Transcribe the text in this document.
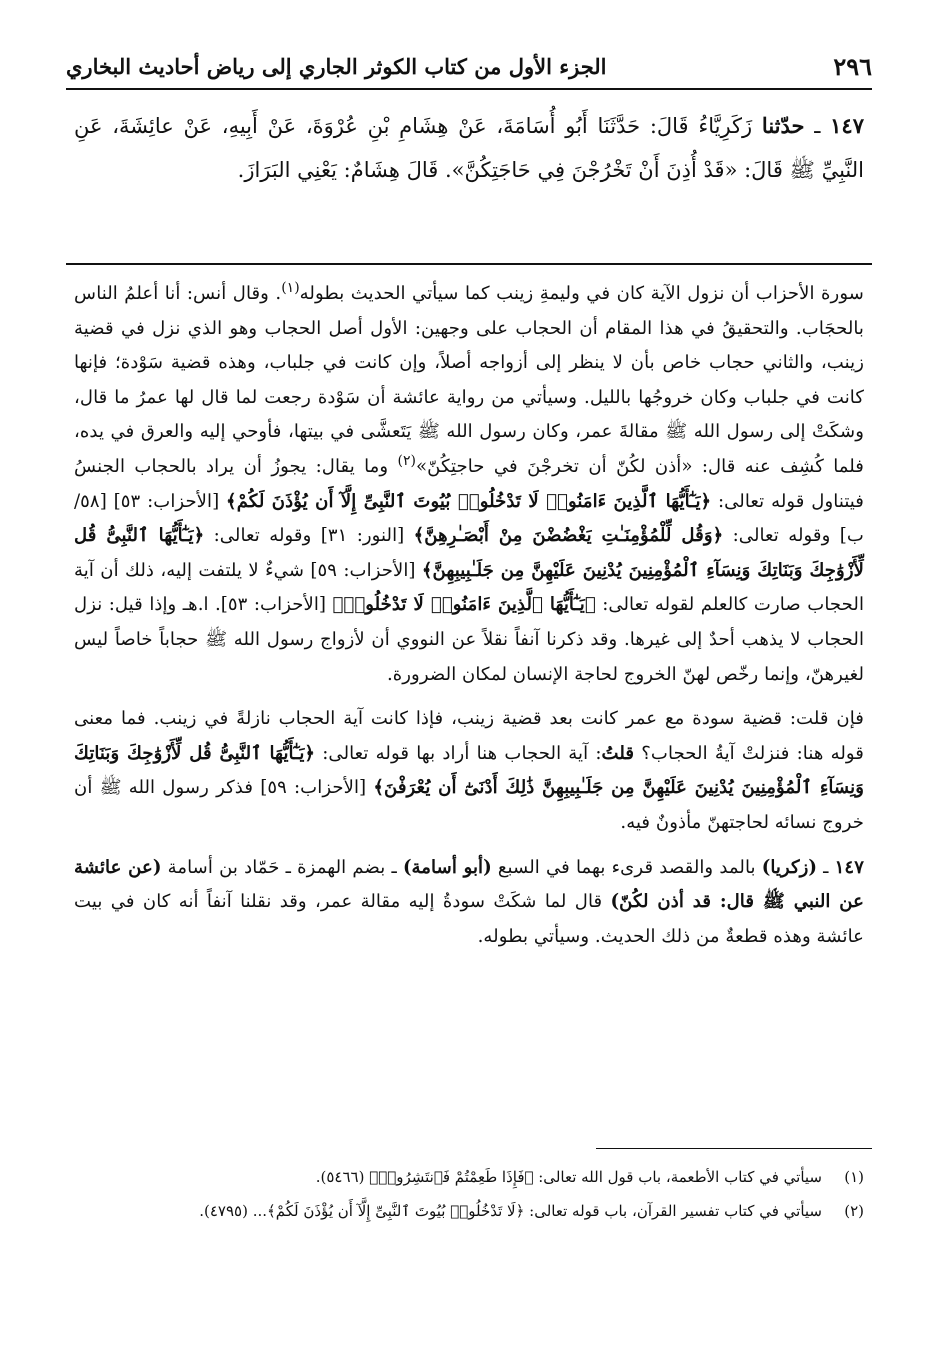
٢٩٦
الجزء الأول من كتاب الكوثر الجاري إلى رياض أحاديث البخاري
١٤٧ ـ حدّثنا زَكَرِيَّاءُ قَالَ: حَدَّثَنَا أَبُو أُسَامَةَ، عَنْ هِشَامِ بْنِ عُرْوَةَ، عَنْ أَبِيهِ، عَنْ عائِشَةَ، عَنِ النَّبِيِّ ﷺ قَالَ: «قَدْ أُذِنَ أَنْ تَخْرُجْنَ فِي حَاجَتِكُنَّ». قَالَ هِشَامٌ: يَعْنِي البَرَازَ.

سورة الأحزاب أن نزول الآية كان في وليمةِ زينب كما سيأتي الحديث بطوله$^{(١)}$. وقال أنس: أنا أعلمُ الناس بالحجَاب. والتحقيقُ في هذا المقام أن الحجاب على وجهين: الأول أصل الحجاب وهو الذي نزل في قضية زينب، والثاني حجاب خاص بأن لا ينظر إلى أزواجه أصلاً، وإن كانت في جلباب، وهذه قضية سَوْدة؛ فإنها كانت في جلباب وكان خروجُها بالليل. وسيأتي من رواية عائشة أن سَوْدة رجعت لما قال لها عمرُ ما قال، وشكَتْ إلى رسول الله ﷺ مقالةَ عمر، وكان رسول الله ﷺ يَتَعشَّى في بيتها، فأوحي إليه والعرق في يده، فلما كُشِف عنه قال: «أذن لكُنّ أن تخرجْنَ في حاجتِكُنّ»$^{(٢)}$ وما يقال: يجوزُ أن يراد بالحجاب الجنسُ فيتناول قوله تعالى: ﴿يَـٰٓأَيُّهَا ٱلَّذِينَ ءَامَنُوا۟ لَا تَدْخُلُوا۟ بُيُوتَ ٱلنَّبِىِّ إِلَّآ أَن يُؤْذَنَ لَكُمْ﴾ [الأحزاب: ٥٣] [٥٨/ب] وقوله تعالى: ﴿وَقُل لِّلْمُؤْمِنَـٰتِ يَغْضُضْنَ مِنْ أَبْصَـٰرِهِنَّ﴾ [النور: ٣١] وقوله تعالى: ﴿يَـٰٓأَيُّهَا ٱلنَّبِىُّ قُل لِّأَزْوَٰجِكَ وَبَنَاتِكَ وَنِسَآءِ ٱلْمُؤْمِنِينَ يُدْنِينَ عَلَيْهِنَّ مِن جَلَـٰبِيبِهِنَّ﴾ [الأحزاب: ٥٩] شيءٌ لا يلتفت إليه، ذلك أن آية الحجاب صارت كالعلم لقوله تعالى: ﴿يَـٰٓأَيُّهَا ٱلَّذِينَ ءَامَنُوا۟ لَا تَدْخُلُوا۟﴾ [الأحزاب: ٥٣]. ا.هـ وإذا قيل: نزل الحجاب لا يذهب أحدٌ إلى غيرها. وقد ذكرنا آنفاً نقلاً عن النووي أن لأزواج رسول الله ﷺ حجاباً خاصاً ليس لغيرهنّ، وإنما رخّص لهنّ الخروج لحاجة الإنسان لمكان الضرورة.

فإن قلت: قضية سودة مع عمر كانت بعد قضية زينب، فإذا كانت آية الحجاب نازلةً في زينب. فما معنى قوله هنا: فنزلتْ آيةُ الحجاب؟ قلتُ: آية الحجاب هنا أراد بها قوله تعالى: ﴿يَـٰٓأَيُّهَا ٱلنَّبِىُّ قُل لِّأَزْوَٰجِكَ وَبَنَاتِكَ وَنِسَآءِ ٱلْمُؤْمِنِينَ يُدْنِينَ عَلَيْهِنَّ مِن جَلَـٰبِيبِهِنَّ ذَٰلِكَ أَدْنَىٰٓ أَن يُعْرَفْنَ﴾ [الأحزاب: ٥٩] فذكر رسول الله ﷺ أن خروج نسائه لحاجتهنّ مأذونٌ فيه.

١٤٧ ـ (زكريا) بالمد والقصد قرىء بهما في السبع (أبو أسامة) ـ بضم الهمزة ـ حَمّاد بن أسامة (عن عائشة عن النبي ﷺ قال: قد أذن لكُنّ) قال لما شكَتْ سودةُ إليه مقالة عمر، وقد نقلنا آنفاً أنه كان في بيت عائشة وهذه قطعةٌ من ذلك الحديث. وسيأتي بطوله.

(١)
سيأتي في كتاب الأطعمة، باب قول الله تعالى: ﴿فَإِذَا طَعِمْتُمْ فَٱنتَشِرُوا۟﴾ (٥٤٦٦).
(٢)
سيأتي في كتاب تفسير القرآن، باب قوله تعالى: ﴿لَا تَدْخُلُوا۟ بُيُوتَ ٱلنَّبِىِّ إِلَّآ أَن يُؤْذَنَ لَكُمْ﴾... (٤٧٩٥).
